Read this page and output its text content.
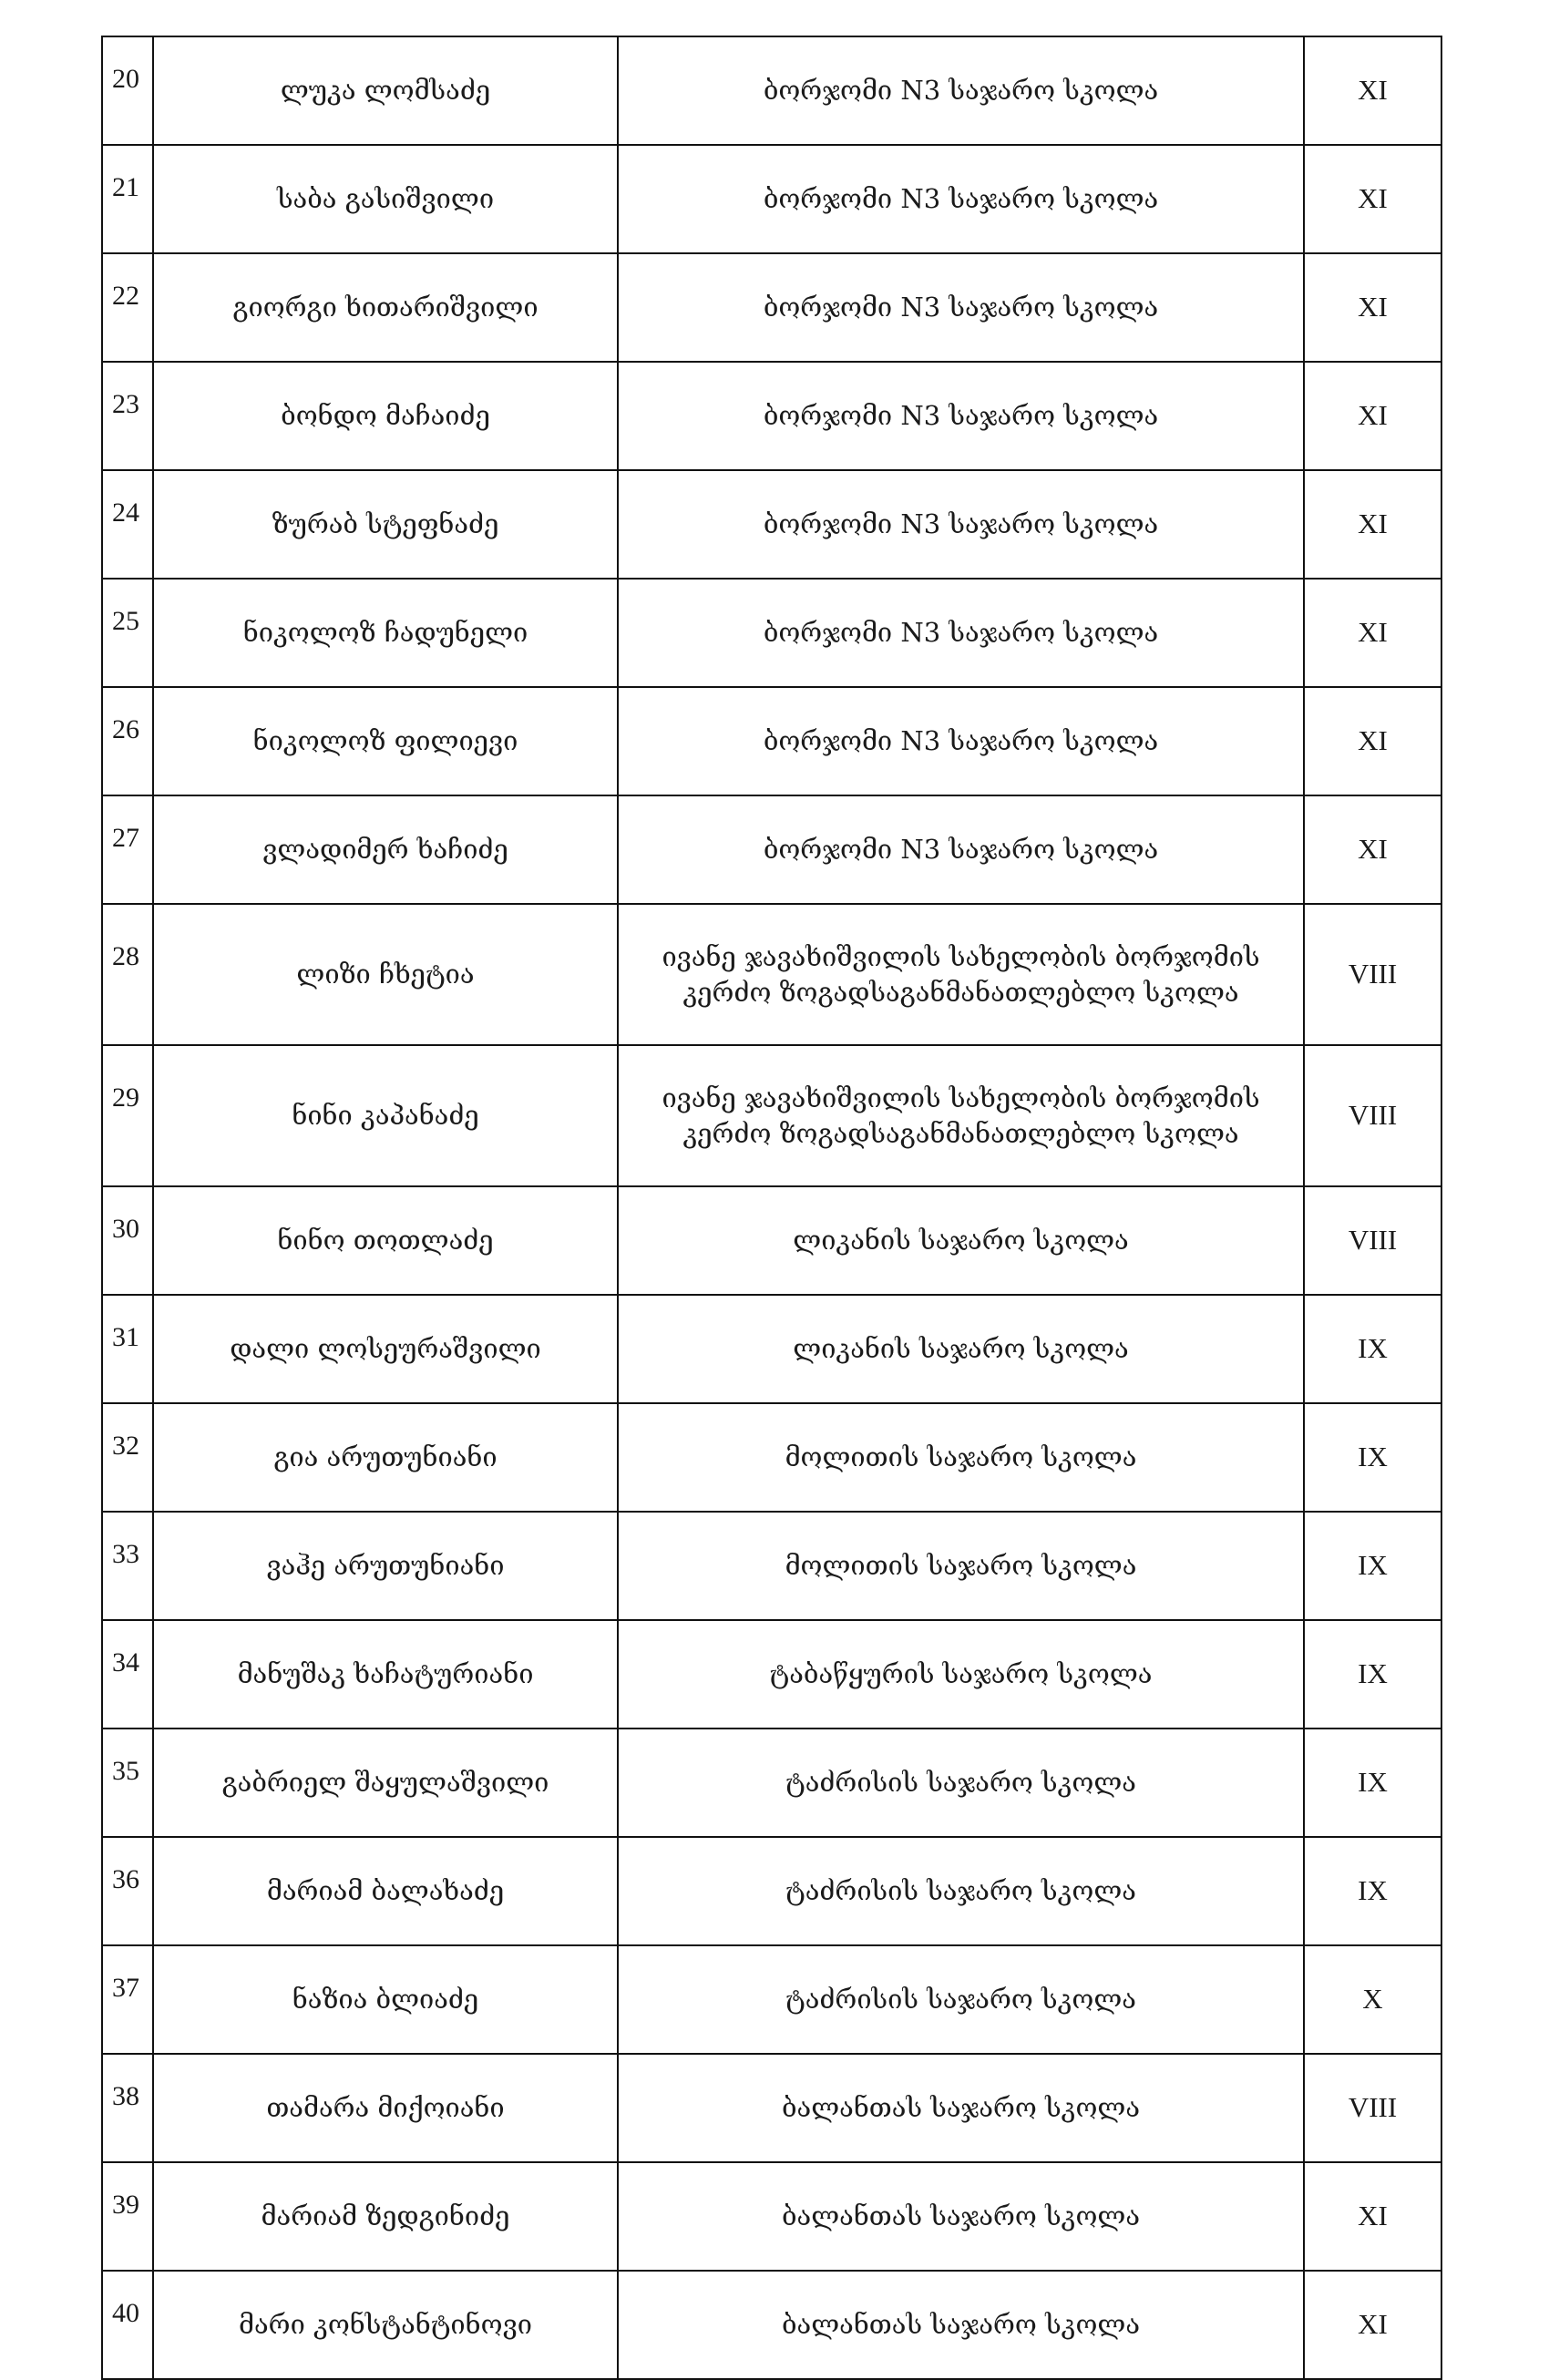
20	ლუკა ლომსაძე	ბორჯომი N3 საჯარო სკოლა	XI
21	საბა გასიშვილი	ბორჯომი N3 საჯარო სკოლა	XI
22	გიორგი ხითარიშვილი	ბორჯომი N3 საჯარო სკოლა	XI
23	ბონდო მაჩაიძე	ბორჯომი N3 საჯარო სკოლა	XI
24	ზურაბ სტეფნაძე	ბორჯომი N3 საჯარო სკოლა	XI
25	ნიკოლოზ ჩადუნელი	ბორჯომი N3 საჯარო სკოლა	XI
26	ნიკოლოზ ფილიევი	ბორჯომი N3 საჯარო სკოლა	XI
27	ვლადიმერ ხაჩიძე	ბორჯომი N3 საჯარო სკოლა	XI
28	ლიზი ჩხეტია	ივანე ჯავახიშვილის სახელობის ბორჯომის
კერძო ზოგადსაგანმანათლებლო სკოლა	VIII
29	ნინი კაპანაძე	ივანე ჯავახიშვილის სახელობის ბორჯომის
კერძო ზოგადსაგანმანათლებლო სკოლა	VIII
30	ნინო თოთლაძე	ლიკანის საჯარო სკოლა	VIII
31	დალი ლოსეურაშვილი	ლიკანის საჯარო სკოლა	IX
32	გია არუთუნიანი	მოლითის საჯარო სკოლა	IX
33	ვაჰე არუთუნიანი	მოლითის საჯარო სკოლა	IX
34	მანუშაკ ხაჩატურიანი	ტაბაწყურის საჯარო სკოლა	IX
35	გაბრიელ შაყულაშვილი	ტაძრისის საჯარო სკოლა	IX
36	მარიამ ბალახაძე	ტაძრისის საჯარო სკოლა	IX
37	ნაზია ბლიაძე	ტაძრისის საჯარო სკოლა	X
38	თამარა მიქოიანი	ბალანთას საჯარო სკოლა	VIII
39	მარიამ ზედგინიძე	ბალანთას საჯარო სკოლა	XI
40	მარი კონსტანტინოვი	ბალანთას საჯარო სკოლა	XI
